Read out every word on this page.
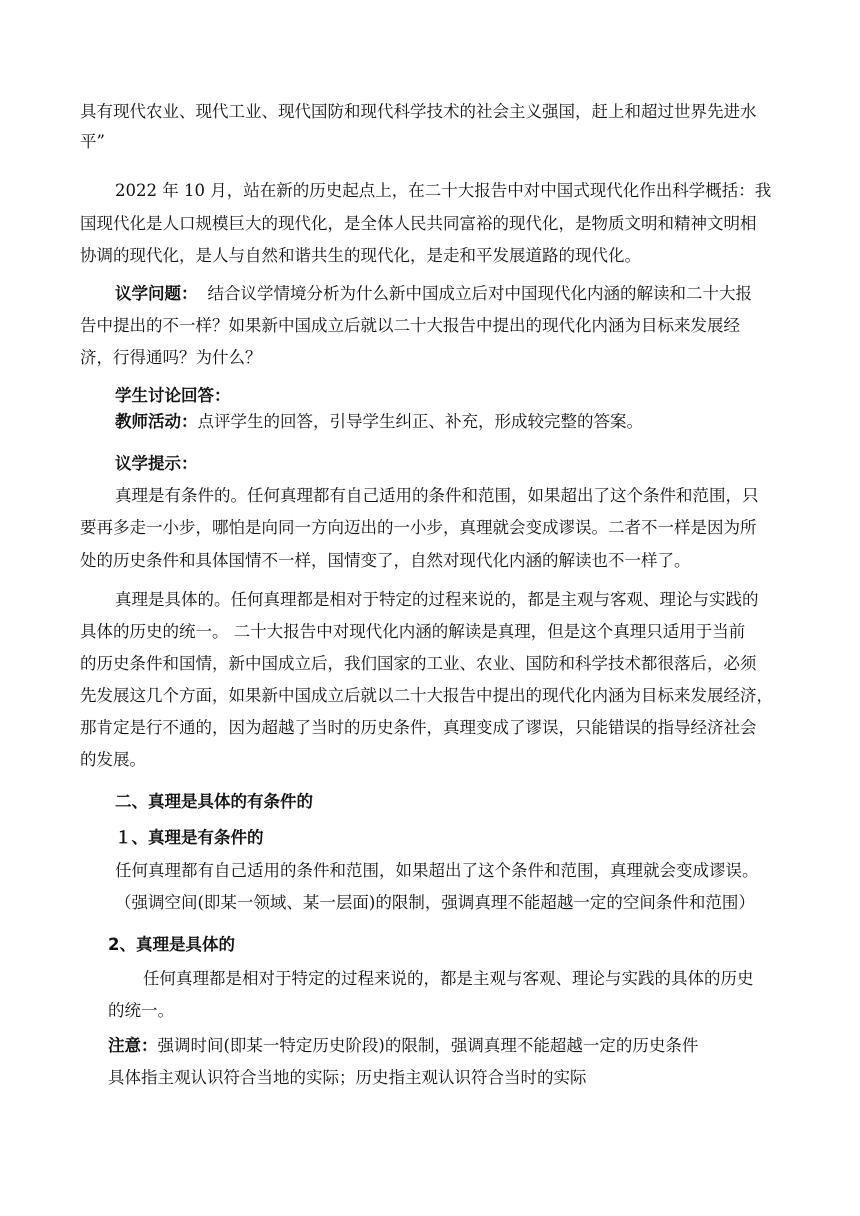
具有现代农业、现代工业、现代国防和现代科学技术的社会主义强国，赶上和超过世界先进水
平”
2022 年 10 月，站在新的历史起点上，在二十大报告中对中国式现代化作出科学概括：我
国现代化是人口规模巨大的现代化，是全体人民共同富裕的现代化，是物质文明和精神文明相
协调的现代化，是人与自然和谐共生的现代化，是走和平发展道路的现代化。
议学问题： 结合议学情境分析为什么新中国成立后对中国现代化内涵的解读和二十大报
告中提出的不一样？如果新中国成立后就以二十大报告中提出的现代化内涵为目标来发展经
济，行得通吗？为什么？
学生讨论回答：
教师活动：点评学生的回答，引导学生纠正、补充，形成较完整的答案。
议学提示：
真理是有条件的。任何真理都有自己适用的条件和范围，如果超出了这个条件和范围，只
要再多走一小步，哪怕是向同一方向迈出的一小步，真理就会变成谬误。二者不一样是因为所
处的历史条件和具体国情不一样，国情变了，自然对现代化内涵的解读也不一样了。
真理是具体的。任何真理都是相对于特定的过程来说的，都是主观与客观、理论与实践的
具体的历史的统一。 二十大报告中对现代化内涵的解读是真理，但是这个真理只适用于当前
的历史条件和国情，新中国成立后，我们国家的工业、农业、国防和科学技术都很落后，必须
先发展这几个方面，如果新中国成立后就以二十大报告中提出的现代化内涵为目标来发展经济，
那肯定是行不通的，因为超越了当时的历史条件，真理变成了谬误，只能错误的指导经济社会
的发展。
二、真理是具体的有条件的
１、真理是有条件的
任何真理都有自己适用的条件和范围，如果超出了这个条件和范围，真理就会变成谬误。
（强调空间(即某一领域、某一层面)的限制，强调真理不能超越一定的空间条件和范围）
2、真理是具体的
任何真理都是相对于特定的过程来说的，都是主观与客观、理论与实践的具体的历史
的统一。
注意：强调时间(即某一特定历史阶段)的限制，强调真理不能超越一定的历史条件
具体指主观认识符合当地的实际；历史指主观认识符合当时的实际
